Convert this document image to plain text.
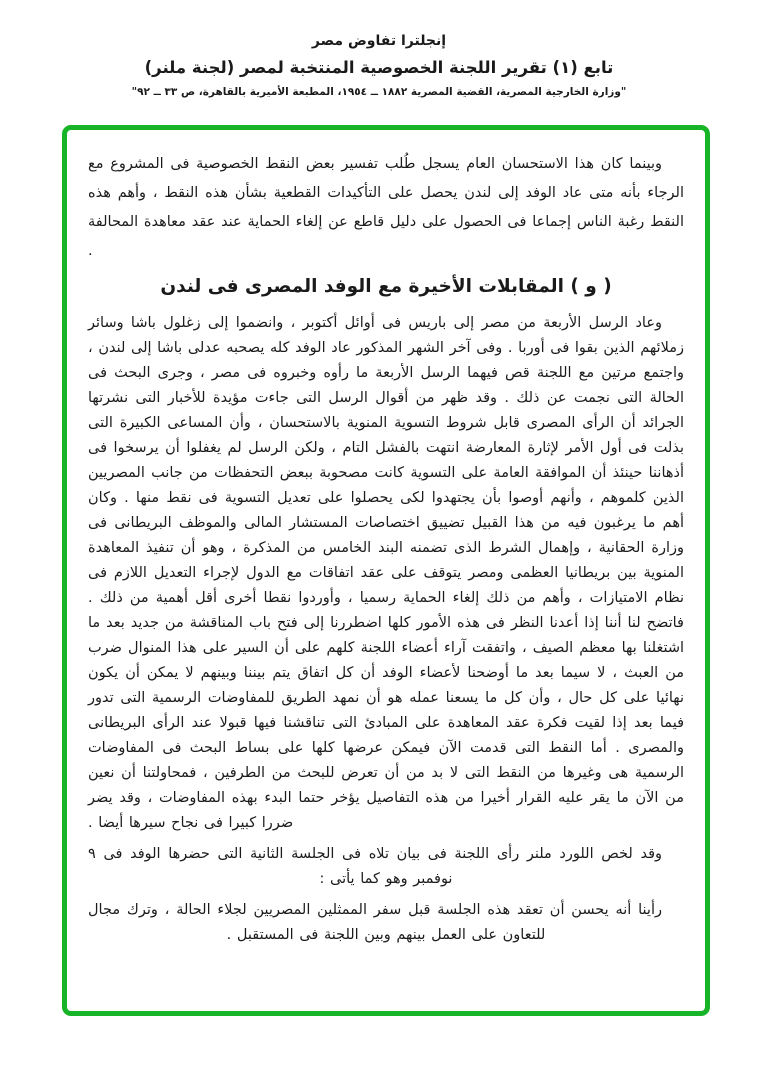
إنجلترا تفاوض مصر
تابع (١) تقرير اللجنة الخصوصية المنتخبة لمصر (لجنة ملنر)
"وزارة الخارجية المصرية، القضية المصرية ١٨٨٢ ــ ١٩٥٤، المطبعة الأميرية بالقاهرة، ص ٣٣ ــ ٩٢"

وبينما كان هذا الاستحسان العام يسجل طُلب تفسير بعض النقط الخصوصية فى المشروع مع الرجاء بأنه متى عاد الوفد إلى لندن يحصل على التأكيدات القطعية بشأن هذه النقط ، وأهم هذه النقط رغبة الناس إجماعا فى الحصول على دليل قاطع عن إلغاء الحماية عند عقد معاهدة المحالفة .

( و ) المقابلات الأخيرة مع الوفد المصرى فى لندن

وعاد الرسل الأربعة من مصر إلى باريس فى أوائل أكتوبر ، وانضموا إلى زغلول باشا وسائر زملائهم الذين بقوا فى أوربا . وفى آخر الشهر المذكور عاد الوفد كله يصحبه عدلى باشا إلى لندن ، واجتمع مرتين مع اللجنة قص فيهما الرسل الأربعة ما رأوه وخبروه فى مصر ، وجرى البحث فى الحالة التى نجمت عن ذلك . وقد ظهر من أقوال الرسل التى جاءت مؤيدة للأخبار التى نشرتها الجرائد أن الرأى المصرى قابل شروط التسوية المنوية بالاستحسان ، وأن المساعى الكبيرة التى بذلت فى أول الأمر لإثارة المعارضة انتهت بالفشل التام ، ولكن الرسل لم يغفلوا أن يرسخوا فى أذهاننا حينئذ أن الموافقة العامة على التسوية كانت مصحوبة ببعض التحفظات من جانب المصريين الذين كلموهم ، وأنهم أوصوا بأن يجتهدوا لكى يحصلوا على تعديل التسوية فى نقط منها . وكان أهم ما يرغبون فيه من هذا القبيل تضييق اختصاصات المستشار المالى والموظف البريطانى فى وزارة الحقانية ، وإهمال الشرط الذى تضمنه البند الخامس من المذكرة ، وهو أن تنفيذ المعاهدة المنوية بين بريطانيا العظمى ومصر يتوقف على عقد اتفاقات مع الدول لإجراء التعديل اللازم فى نظام الامتيازات ، وأهم من ذلك إلغاء الحماية رسميا ، وأوردوا نقطا أخرى أقل أهمية من ذلك . فاتضح لنا أننا إذا أعدنا النظر فى هذه الأمور كلها اضطررنا إلى فتح باب المناقشة من جديد بعد ما اشتغلنا بها معظم الصيف ، واتفقت آراء أعضاء اللجنة كلهم على أن السير على هذا المنوال ضرب من العبث ، لا سيما بعد ما أوضحنا لأعضاء الوفد أن كل اتفاق يتم بيننا وبينهم لا يمكن أن يكون نهائيا على كل حال ، وأن كل ما يسعنا عمله هو أن نمهد الطريق للمفاوضات الرسمية التى تدور فيما بعد إذا لقيت فكرة عقد المعاهدة على المبادئ التى تناقشنا فيها قبولا عند الرأى البريطانى والمصرى . أما النقط التى قدمت الآن فيمكن عرضها كلها على بساط البحث فى المفاوضات الرسمية هى وغيرها من النقط التى لا بد من أن تعرض للبحث من الطرفين ، فمحاولتنا أن نعين من الآن ما يقر عليه القرار أخيرا من هذه التفاصيل يؤخر حتما البدء بهذه المفاوضات ، وقد يضر ضررا كبيرا فى نجاح سيرها أيضا .

وقد لخص اللورد ملنر رأى اللجنة فى بيان تلاه فى الجلسة الثانية التى حضرها الوفد فى ٩ نوفمبر وهو كما يأتى :

رأينا أنه يحسن أن تعقد هذه الجلسة قبل سفر الممثلين المصريين لجلاء الحالة ، وترك مجال للتعاون على العمل بينهم وبين اللجنة فى المستقبل .
